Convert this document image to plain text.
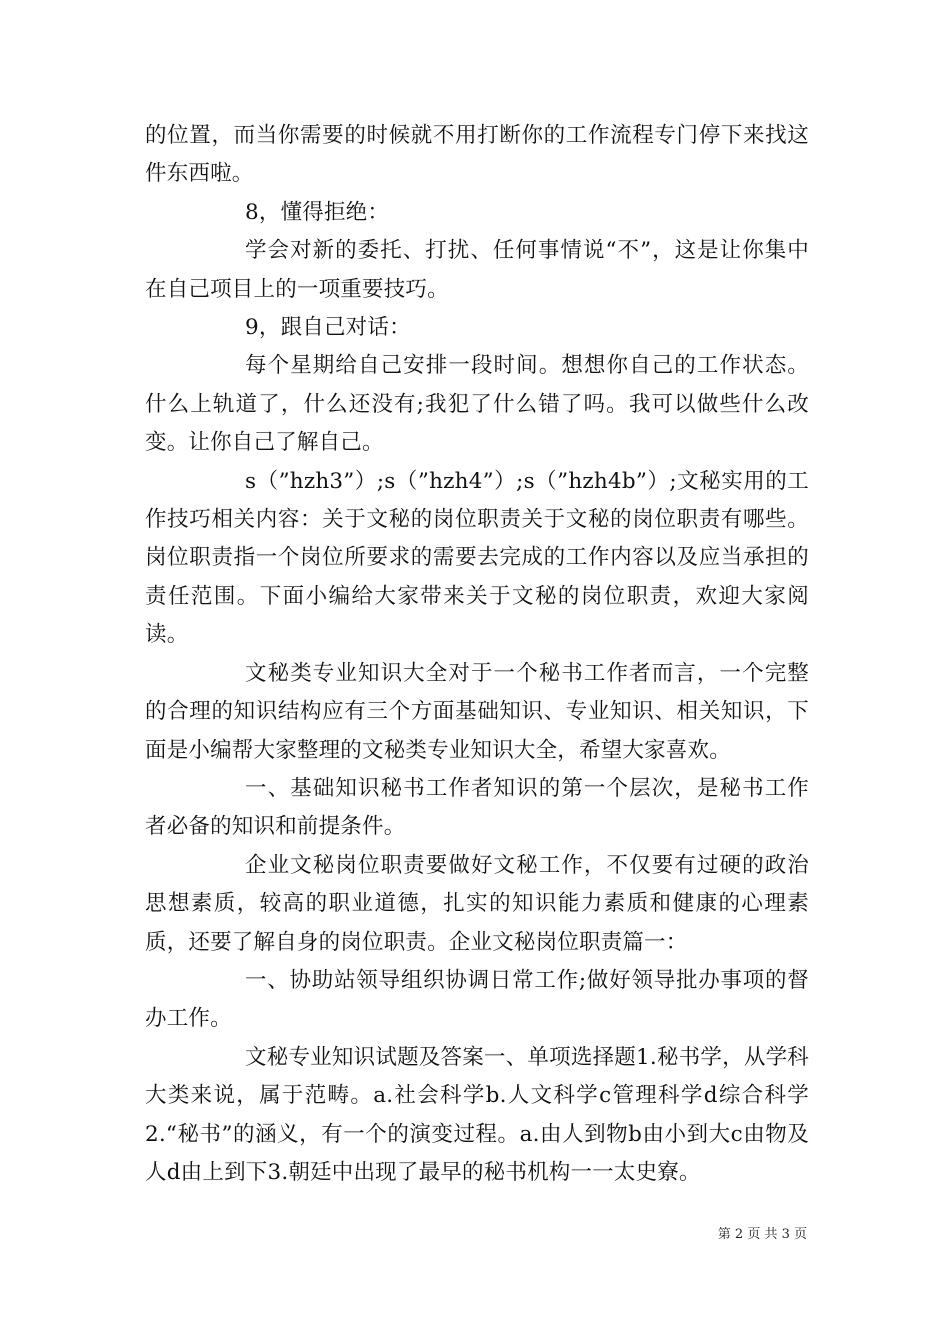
的位置，而当你需要的时候就不用打断你的工作流程专门停下来找这件东西啦。

8，懂得拒绝：

学会对新的委托、打扰、任何事情说“不”，这是让你集中在自己项目上的一项重要技巧。

9，跟自己对话：

每个星期给自己安排一段时间。想想你自己的工作状态。什么上轨道了，什么还没有;我犯了什么错了吗。我可以做些什么改变。让你自己了解自己。

s（”hzh3”）;s（”hzh4”）;s（”hzh4b”）;文秘实用的工作技巧相关内容：关于文秘的岗位职责关于文秘的岗位职责有哪些。岗位职责指一个岗位所要求的需要去完成的工作内容以及应当承担的责任范围。下面小编给大家带来关于文秘的岗位职责，欢迎大家阅读。

文秘类专业知识大全对于一个秘书工作者而言，一个完整的合理的知识结构应有三个方面基础知识、专业知识、相关知识，下面是小编帮大家整理的文秘类专业知识大全，希望大家喜欢。

一、基础知识秘书工作者知识的第一个层次，是秘书工作者必备的知识和前提条件。

企业文秘岗位职责要做好文秘工作，不仅要有过硬的政治思想素质，较高的职业道德，扎实的知识能力素质和健康的心理素质，还要了解自身的岗位职责。企业文秘岗位职责篇一：

一、协助站领导组织协调日常工作;做好领导批办事项的督办工作。

文秘专业知识试题及答案一、单项选择题1.秘书学，从学科大类来说，属于范畴。a.社会科学b.人文科学c管理科学d综合科学2.“秘书”的涵义，有一个的演变过程。a.由人到物b由小到大c由物及人d由上到下3.朝廷中出现了最早的秘书机构一一太史寮。

第 2 页 共 3 页
